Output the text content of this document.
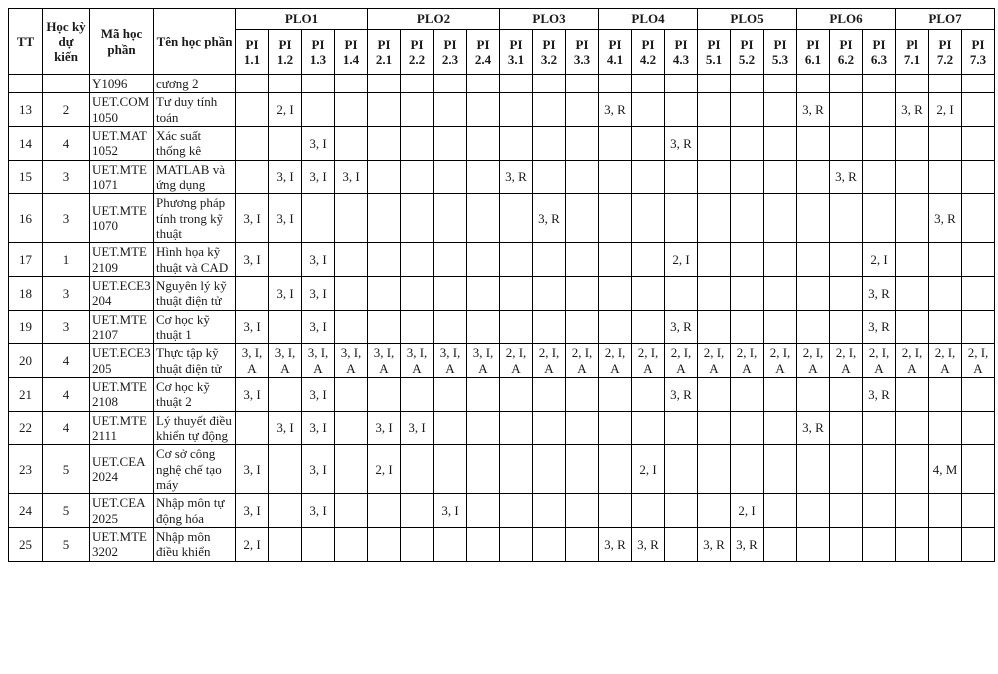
TT	Học kỳ dự kiến	Mã học phần	Tên học phần	PLO1				PLO2				PLO3			PLO4			PLO5			PLO6			PLO7		
				PI 1.1	PI 1.2	PI 1.3	PI 1.4	PI 2.1	PI 2.2	PI 2.3	PI 2.4	PI 3.1	PI 3.2	PI 3.3	PI 4.1	PI 4.2	PI 4.3	PI 5.1	PI 5.2	PI 5.3	PI 6.1	PI 6.2	PI 6.3	Pl 7.1	PI 7.2	PI 7.3
		Y1096	cương 2																							
13	2	UET.COM1050	Tư duy tính toán		2, I										3, R						3, R			3, R	2, I	
14	4	UET.MAT1052	Xác suất thống kê			3, I											3, R									
15	3	UET.MTE1071	MATLAB và ứng dụng		3, I	3, I	3, I					3, R										3, R				
16	3	UET.MTE1070	Phương pháp tính trong kỹ thuật	3, I	3, I								3, R												3, R	
17	1	UET.MTE2109	Hình họa kỹ thuật và CAD	3, I		3, I											2, I						2, I			
18	3	UET.ECE3204	Nguyên lý kỹ thuật điện tử		3, I	3, I																	3, R			
19	3	UET.MTE2107	Cơ học kỹ thuật 1	3, I		3, I											3, R						3, R			
20	4	UET.ECE3205	Thực tập kỹ thuật điện tử	3, I, A	3, I, A	3, I, A	3, I, A	3, I, A	3, I, A	3, I, A	3, I, A	2, I, A	2, I, A	2, I, A	2, I, A	2, I, A	2, I, A	2, I, A	2, I, A	2, I, A	2, I, A	2, I, A	2, I, A	2, I, A	2, I, A	2, I, A
21	4	UET.MTE2108	Cơ học kỹ thuật 2	3, I		3, I											3, R						3, R			
22	4	UET.MTE2111	Lý thuyết điều khiển tự động		3, I	3, I		3, I	3, I												3, R					
23	5	UET.CEA2024	Cơ sở công nghệ chế tạo máy	3, I		3, I		2, I								2, I									4, M	
24	5	UET.CEA2025	Nhập môn tự động hóa	3, I		3, I				3, I									2, I							
25	5	UET.MTE3202	Nhập môn điều khiển	2, I											3, R	3, R		3, R	3, R							
